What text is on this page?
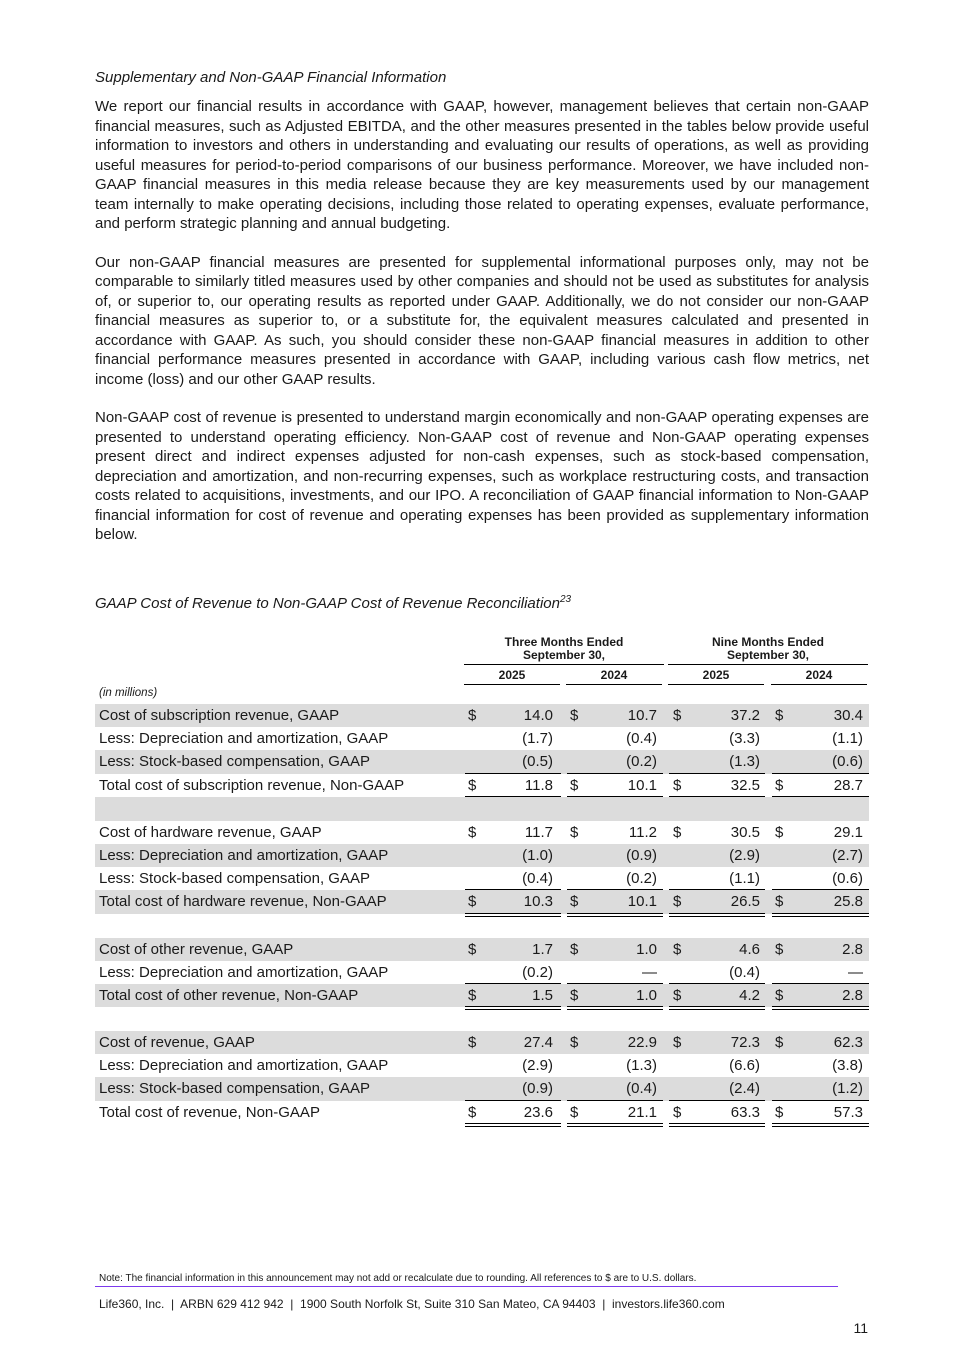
Supplementary and Non-GAAP Financial Information

We report our financial results in accordance with GAAP, however, management believes that certain non-GAAP financial measures, such as Adjusted EBITDA, and the other measures presented in the tables below provide useful information to investors and others in understanding and evaluating our results of operations, as well as providing useful measures for period-to-period comparisons of our business performance. Moreover, we have included non-GAAP financial measures in this media release because they are key measurements used by our management team internally to make operating decisions, including those related to operating expenses, evaluate performance, and perform strategic planning and annual budgeting.

Our non-GAAP financial measures are presented for supplemental informational purposes only, may not be comparable to similarly titled measures used by other companies and should not be used as substitutes for analysis of, or superior to, our operating results as reported under GAAP. Additionally, we do not consider our non-GAAP financial measures as superior to, or a substitute for, the equivalent measures calculated and presented in accordance with GAAP. As such, you should consider these non-GAAP financial measures in addition to other financial performance measures presented in accordance with GAAP, including various cash flow metrics, net income (loss) and our other GAAP results.

Non-GAAP cost of revenue is presented to understand margin economically and non-GAAP operating expenses are presented to understand operating efficiency. Non-GAAP cost of revenue and Non-GAAP operating expenses present direct and indirect expenses adjusted for non-cash expenses, such as stock-based compensation, depreciation and amortization, and non-recurring expenses, such as workplace restructuring costs, and transaction costs related to acquisitions, investments, and our IPO. A reconciliation of GAAP financial information to Non-GAAP financial information for cost of revenue and operating expenses has been provided as supplementary information below.

GAAP Cost of Revenue to Non-GAAP Cost of Revenue Reconciliation$^{23}$
Three Months Ended
September 30,
Nine Months Ended
September 30,
2025	2024	2025	2024
(in millions)
Cost of subscription revenue, GAAP	$	14.0 $	10.7 $	37.2 $	30.4
Less: Depreciation and amortization, GAAP	(1.7)	(0.4)	(3.3)	(1.1)
Less: Stock-based compensation, GAAP	(0.5)	(0.2)	(1.3)	(0.6)
Total cost of subscription revenue, Non-GAAP	$	11.8 $	10.1 $	32.5 $	28.7
Cost of hardware revenue, GAAP	$	11.7 $	11.2 $	30.5 $	29.1
Less: Depreciation and amortization, GAAP	(1.0)	(0.9)	(2.9)	(2.7)
Less: Stock-based compensation, GAAP	(0.4)	(0.2)	(1.1)	(0.6)
Total cost of hardware revenue, Non-GAAP	$	10.3 $	10.1 $	26.5 $	25.8
Cost of other revenue, GAAP	$	1.7 $	1.0 $	4.6 $	2.8
Less: Depreciation and amortization, GAAP	(0.2)	—	(0.4)	—
Total cost of other revenue, Non-GAAP	$	1.5 $	1.0 $	4.2 $	2.8
Cost of revenue, GAAP	$	27.4 $	22.9 $	72.3 $	62.3
Less: Depreciation and amortization, GAAP	(2.9)	(1.3)	(6.6)	(3.8)
Less: Stock-based compensation, GAAP	(0.9)	(0.4)	(2.4)	(1.2)
Total cost of revenue, Non-GAAP	$	23.6 $	21.1 $	63.3 $	57.3
Note: The financial information in this announcement may not add or recalculate due to rounding. All references to $ are to U.S. dollars.
Life360, Inc.  |  ARBN 629 412 942  |  1900 South Norfolk St, Suite 310 San Mateo, CA 94403  |  investors.life360.com
11
